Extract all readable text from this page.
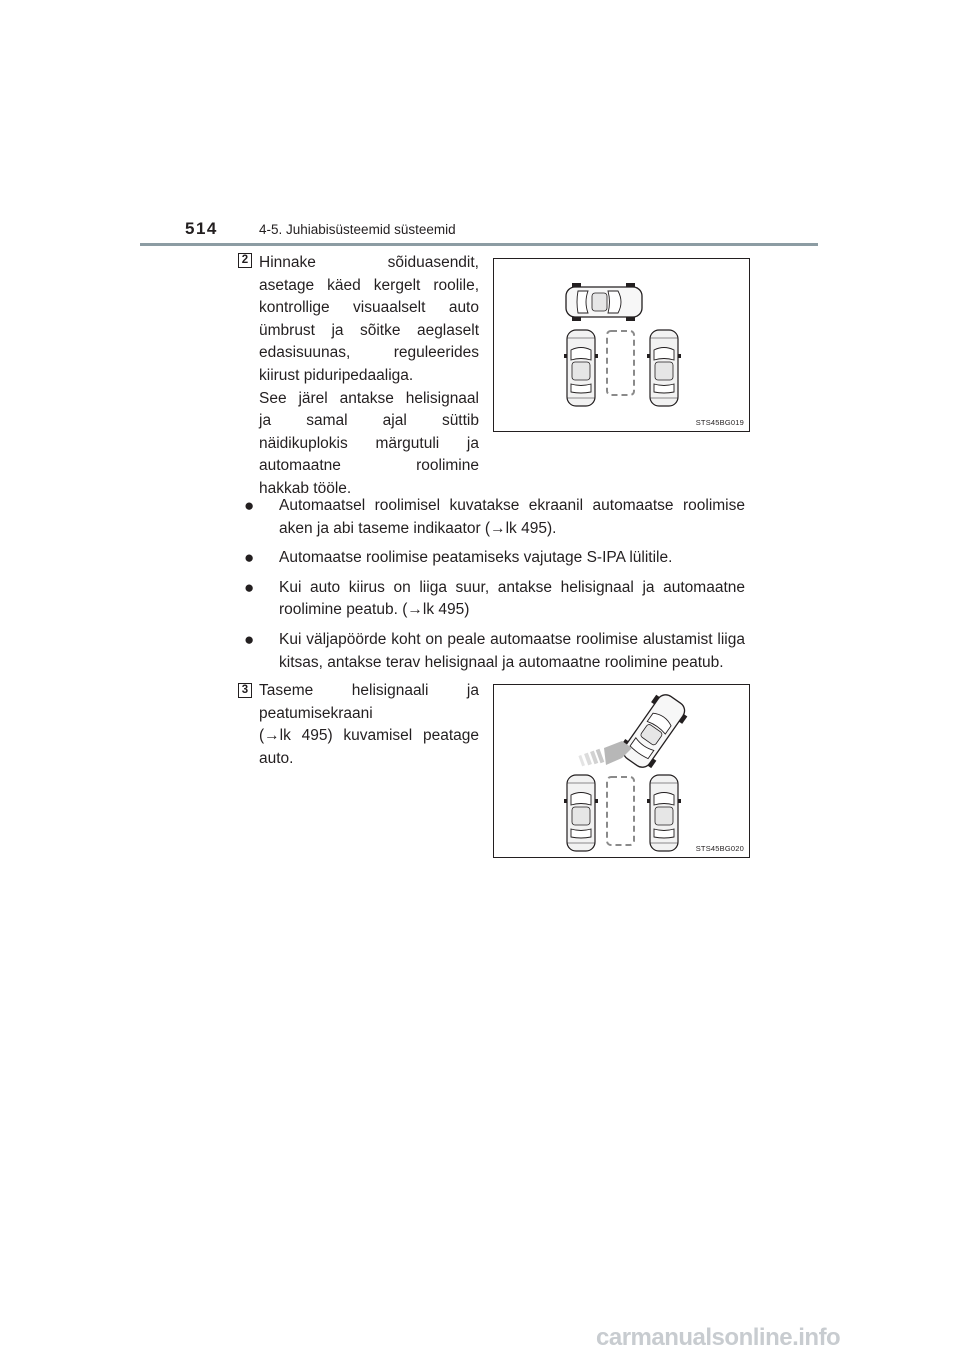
514	4-5. Juhiabisüsteemid süsteemid
2 Hinnake sõiduasendit,
asetage käed kergelt roolile,
kontrollige visuaalselt auto
ümbrust ja sõitke aeglaselt
edasisuunas, reguleerides
kiirust piduripedaaliga.
See järel antakse helisignaal
ja samal ajal süttib
näidikuplokis märgutuli ja
automaatne roolimine
hakkab tööle.
STS45BG019
●	Automaatsel roolimisel kuvatakse ekraanil automaatse roolimise aken ja abi taseme indikaator (→lk 495).
●	Automaatse roolimise peatamiseks vajutage S-IPA lülitile.
●	Kui auto kiirus on liiga suur, antakse helisignaal ja automaatne roolimine peatub. (→lk 495)
●	Kui väljapöörde koht on peale automaatse roolimise alustamist liiga kitsas, antakse terav helisignaal ja automaatne roolimine peatub.
3 Taseme helisignaali ja
peatumisekraani
(→lk 495) kuvamisel peatage
auto.
STS45BG020
carmanualsonline.info
